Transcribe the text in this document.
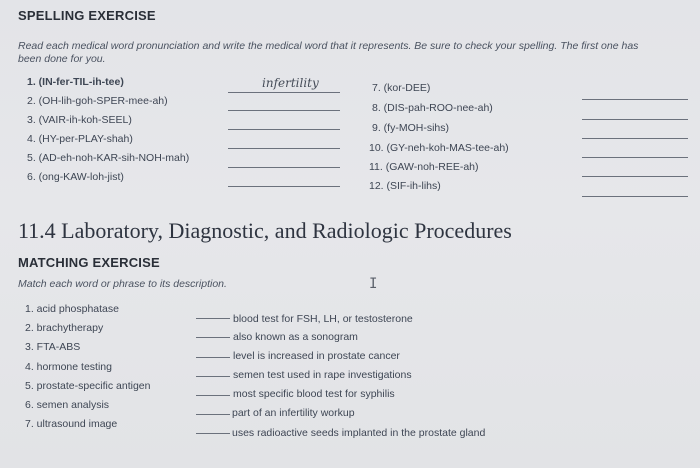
SPELLING EXERCISE
Read each medical word pronunciation and write the medical word that it represents. Be sure to check your spelling. The first one has
been done for you.
1. (IN-fer-TIL-ih-tee)
2. (OH-lih-goh-SPER-mee-ah)
3. (VAIR-ih-koh-SEEL)
4. (HY-per-PLAY-shah)
5. (AD-eh-noh-KAR-sih-NOH-mah)
6. (ong-KAW-loh-jist)
infertility	7. (kor-DEE)
8. (DIS-pah-ROO-nee-ah)
9. (fy-MOH-sihs)
10. (GY-neh-koh-MAS-tee-ah)
11. (GAW-noh-REE-ah)
12. (SIF-ih-lihs)
11.4 Laboratory, Diagnostic, and Radiologic Procedures
MATCHING EXERCISE
Match each word or phrase to its description.	I
1. acid phosphatase
2. brachytherapy
3. FTA-ABS
4. hormone testing
5. prostate-specific antigen
6. semen analysis
7. ultrasound image
blood test for FSH, LH, or testosterone
also known as a sonogram
level is increased in prostate cancer
semen test used in rape investigations
most specific blood test for syphilis
part of an infertility workup
uses radioactive seeds implanted in the prostate gland
